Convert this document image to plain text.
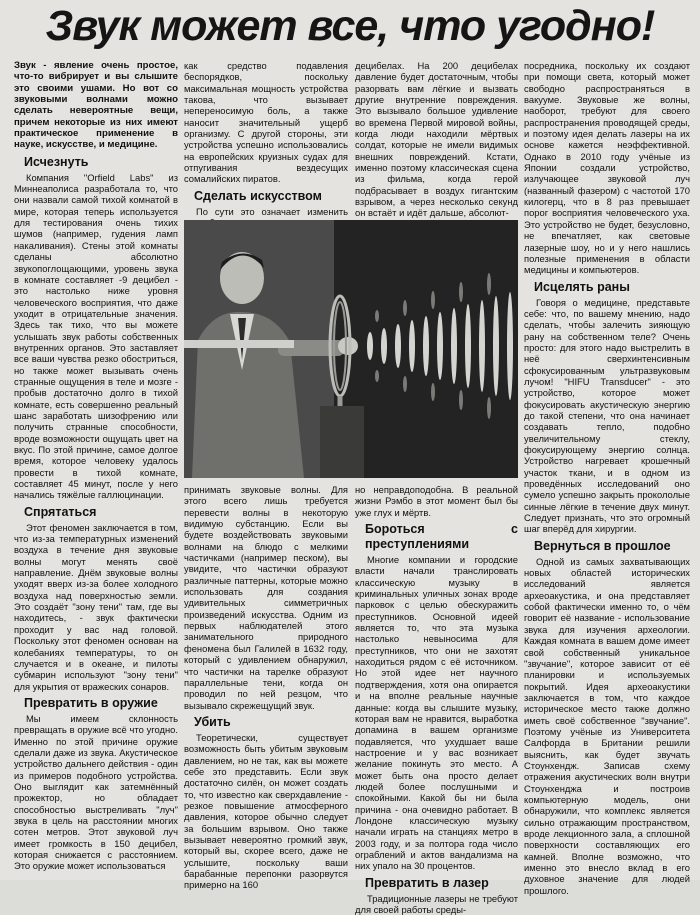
Звук может все, что угодно!

Звук - явление очень простое, что-то вибрирует и вы слышите это своими ушами. Но вот со звуковыми волнами можно сделать невероятные вещи, причем некоторые из них имеют практическое применение в науке, искусстве, и медицине.

Исчезнуть

Компания "Orfield Labs" из Миннеаполиса разработала то, что они назвали самой тихой комнатой в мире, которая теперь используется для тестирования очень тихих шумов (например, гудения ламп накаливания). Стены этой комнаты сделаны абсолютно звукопоглощающими, уровень звука в комнате составляет -9 децибел - это настолько ниже уровня человеческого восприятия, что даже уходит в отрицательные значения. Здесь так тихо, что вы можете услышать звук работы собственных внутренних органов. Это заставляет все ваши чувства резко обостриться, но также может вызывать очень странные ощущения в теле и мозге - пробыв достаточно долго в тихой комнате, есть совершенно реальный шанс заработать шизофрению или получить странные способности, вроде возможности ощущать цвет на вкус. По этой причине, самое долгое время, которое человеку удалось провести в тихой комнате, составляет 45 минут, после у него начались тяжёлые галлюцинации.

Спрятаться

Этот феномен заключается в том, что из-за температурных изменений воздуха в течение дня звуковые волны могут менять своё направление. Днём звуковые волны уходят вверх из-за более холодного воздуха над поверхностью земли. Это создаёт "зону тени" там, где вы находитесь, - звук фактически проходит у вас над головой. Поскольку этот феномен основан на колебаниях температуры, то он случается и в океане, и пилоты субмарин используют "зону тени" для укрытия от вражеских сонаров.

Превратить в оружие

Мы имеем склонность превращать в оружие всё что угодно. Именно по этой причине оружие сделали даже из звука. Акустическое устройство дальнего действия - один из примеров подобного устройства. Оно выглядит как затемнённый прожектор, но обладает способностью выстреливать "луч" звука в цель на расстоянии многих сотен метров. Этот звуковой луч имеет громкость в 150 децибел, которая снижается с расстоянием. Это оружие может использоваться

как средство подавления беспорядков, поскольку максимальная мощность устройства такова, что вызывает непереносимую боль, а также наносит значительный ущерб организму. С другой стороны, эти устройства успешно использовались на европейских круизных судах для отпугивания вездесущих сомалийских пиратов.

Сделать искусством

По сути это означает изменить

децибелах. На 200 децибелах давление будет достаточным, чтобы разорвать вам лёгкие и вызвать другие внутренние повреждения. Это вызывало большое удивление во времена Первой мировой войны, когда люди находили мёртвых солдат, которые не имели видимых внешних повреждений. Кстати, именно поэтому классическая сцена из фильма, когда герой подбрасывает в воздух гигантским взрывом, а через несколько секунд он встаёт и идёт дальше, абсолют-

принимать звуковые волны. Для этого всего лишь требуется перевести волны в некоторую видимую субстанцию. Если вы будете воздействовать звуковыми волнами на блюдо с мелкими частичками (например песком), вы увидите, что частички образуют различные паттерны, которые можно использовать для создания удивительных симметричных произведений искусства. Одним из первых наблюдателей этого занимательного природного феномена был Галилей в 1632 году, который с удивлением обнаружил, что частички на тарелке образуют параллельные тени, когда он проводил по ней резцом, что вызывало скрежещущий звук.

Убить

Теоретически, существует возможность быть убитым звуковым давлением, но не так, как вы можете себе это представить. Если звук достаточно силён, он может создать то, что известно как сверхдавление - резкое повышение атмосферного давления, которое обычно следует за большим взрывом. Оно также вызывает невероятно громкий звук, который вы, скорее всего, даже не услышите, поскольку ваши барабанные перепонки разорвутся примерно на 160

но неправдоподобна. В реальной жизни Рэмбо в этот момент был бы уже глух и мёртв.

Бороться с преступлениями

Многие компании и городские власти начали транслировать классическую музыку в криминальных уличных зонах вроде парковок с целью обескуражить преступников. Основной идеей является то, что эта музыка настолько невыносима для преступников, что они не захотят находиться рядом с её источником. Но этой идее нет научного подтверждения, хотя она опирается и на вполне реальные научные данные: когда вы слышите музыку, которая вам не нравится, выработка допамина в вашем организме подавляется, что ухудшает ваше настроение и у вас возникает желание покинуть это место. А может быть она просто делает людей более послушными и спокойными. Какой бы ни была причина - она очевидно работает. В Лондоне классическую музыку начали играть на станциях метро в 2003 году, и за полтора года число ограблений и актов вандализма на них упало на 30 процентов.

Превратить в лазер

Традиционные лазеры не требуют для своей работы среды-

посредника, поскольку их создают при помощи света, который может свободно распространяться в вакууме. Звуковые же волны, наоборот, требуют для своего распространения проводящей среды, и поэтому идея делать лазеры на их основе кажется неэффективной. Однако в 2010 году учёные из Японии создали устройство, излучающее звуковой луч (названный фазером) с частотой 170 килогерц, что в 8 раз превышает порог восприятия человеческого уха. Это устройство не будет, безусловно, не впечатляет, как световые лазерные шоу, но и у него нашлись полезные применения в области медицины и компьютеров.

Исцелять раны

Говоря о медицине, представьте себе: что, по вашему мнению, надо сделать, чтобы залечить зияющую рану на собственном теле? Очень просто: для этого надо выстрелить в неё сверхинтенсивным сфокусированным ультразвуковым лучом! "HIFU Transducer" - это устройство, которое может фокусировать акустическую энергию до такой степени, что она начинает создавать тепло, подобно увеличительному стеклу, фокусирующему энергию солнца. Устройство нагревает крошечный участок ткани, и в одном из проведённых исследований оно сумело успешно закрыть прокололые синные лёгкие в течение двух минут. Следует признать, что это огромный шаг вперёд для хирургии.

Вернуться в прошлое

Одной из самых захватывающих новых областей исторических исследований является археоакустика, и она представляет собой фактически именно то, о чём говорит её название - использование звука для изучения археологии. Каждая комната в вашем доме имеет свой собственный уникальное "звучание", которое зависит от её планировки и используемых покрытий. Идея археоакустики заключается в том, что каждое историческое место также должно иметь своё собственное "звучание". Поэтому учёные из Университета Салфорда в Британии решили выяснить, как будет звучать Стоунхендж. Записав схему отражения акустических волн внутри Стоунхенджа и построив компьютерную модель, они обнаружили, что комплекс является сильно отражающим пространством, вроде лекционного зала, а сплошной поверхности составляющих его камней. Вполне возможно, что именно это внесло вклад в его духовное значение для людей прошлого.
